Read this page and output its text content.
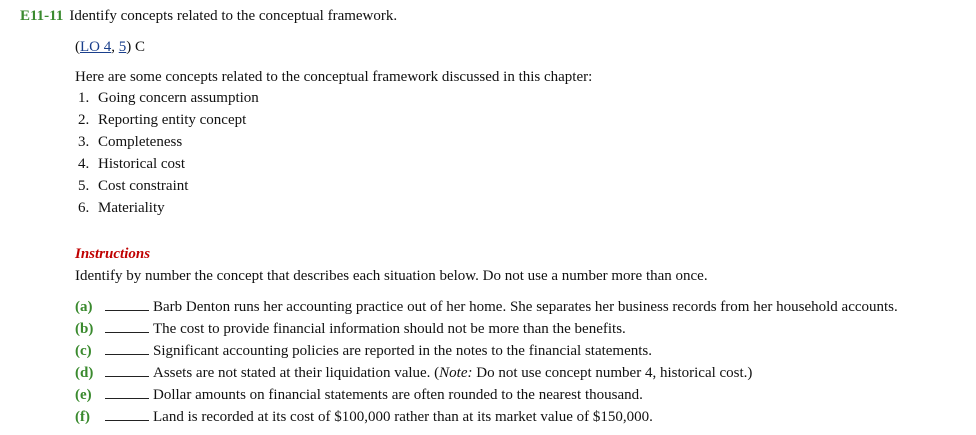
E11-11 Identify concepts related to the conceptual framework.
(LO 4, 5) C
Here are some concepts related to the conceptual framework discussed in this chapter:
1. Going concern assumption
2. Reporting entity concept
3. Completeness
4. Historical cost
5. Cost constraint
6. Materiality
Instructions
Identify by number the concept that describes each situation below. Do not use a number more than once.
(a)	Barb Denton runs her accounting practice out of her home. She separates her business records from her household accounts.
(b)	The cost to provide financial information should not be more than the benefits.
(c)	Significant accounting policies are reported in the notes to the financial statements.
(d)	Assets are not stated at their liquidation value. (Note: Do not use concept number 4, historical cost.)
(e)	Dollar amounts on financial statements are often rounded to the nearest thousand.
(f)	Land is recorded at its cost of $100,000 rather than at its market value of $150,000.
